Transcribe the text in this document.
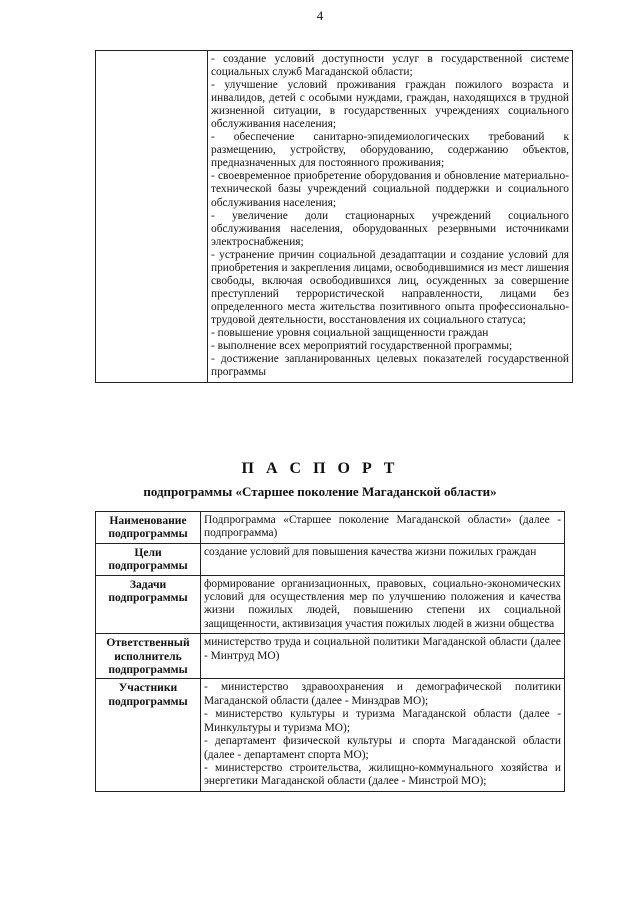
4

- создание условий доступности услуг в государственной системе социальных служб Магаданской области;

- улучшение условий проживания граждан пожилого возраста и инвалидов, детей с особыми нуждами, граждан, находящихся в трудной жизненной ситуации, в государственных учреждениях социального обслуживания населения;

- обеспечение санитарно-эпидемиологических требований к размещению, устройству, оборудованию, содержанию объектов, предназначенных для постоянного проживания;

- своевременное приобретение оборудования и обновление материально-технической базы учреждений социальной поддержки и социального обслуживания населения;

- увеличение доли стационарных учреждений социального обслуживания населения, оборудованных резервными источниками электроснабжения;

- устранение причин социальной дезадаптации и создание условий для приобретения и закрепления лицами, освободившимися из мест лишения свободы, включая освободившихся лиц, осужденных за совершение преступлений террористической направленности, лицами без определенного места жительства позитивного опыта профессионально-трудовой деятельности, восстановления их социального статуса;

- повышение уровня социальной защищенности граждан

- выполнение всех мероприятий государственной программы;

- достижение запланированных целевых показателей государственной программы

П А С П О Р Т
подпрограммы «Старшее поколение Магаданской области»
Наименование подпрограммы	Подпрограмма «Старшее поколение Магаданской области» (далее - подпрограмма)

Цели подпрограммы	создание условий для повышения качества жизни пожилых граждан

Задачи подпрограммы	формирование организационных, правовых, социально-экономических условий для осуществления мер по улучшению положения и качества жизни пожилых людей, повышению степени их социальной защищенности, активизация участия пожилых людей в жизни общества

Ответственный исполнитель подпрограммы	министерство труда и социальной политики Магаданской области (далее - Минтруд МО)

Участники подпрограммы	- министерство здравоохранения и демографической политики Магаданской области (далее - Минздрав МО);

- министерство культуры и туризма Магаданской области (далее - Минкультуры и туризма МО);

- департамент физической культуры и спорта Магаданской области (далее - департамент спорта МО);

- министерство строительства, жилищно-коммунального хозяйства и энергетики Магаданской области (далее - Минстрой МО);
